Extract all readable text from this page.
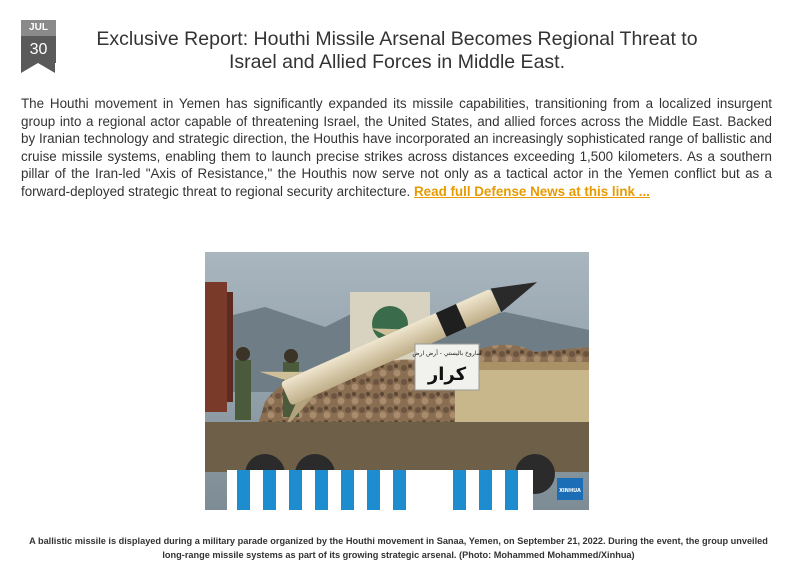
JUL
30	Exclusive Report: Houthi Missile Arsenal Becomes Regional Threat to
Israel and Allied Forces in Middle East.

The Houthi movement in Yemen has significantly expanded its missile capabilities, transitioning from a localized insurgent group into a regional actor capable of threatening Israel, the United States, and allied forces across the Middle East. Backed by Iranian technology and strategic direction, the Houthis have incorporated an increasingly sophisticated range of ballistic and cruise missile systems, enabling them to launch precise strikes across distances exceeding 1,500 kilometers. As a southern pillar of the Iran-led "Axis of Resistance," the Houthis now serve not only as a tactical actor in the Yemen conflict but as a forward-deployed strategic threat to regional security architecture. Read full Defense News at this link ...

صاروخ باليستي - أرض ارض
كرار
XINHUA

A ballistic missile is displayed during a military parade organized by the Houthi movement in Sanaa, Yemen, on September 21, 2022. During the event, the group unveiled long-range missile systems as part of its growing strategic arsenal. (Photo: Mohammed Mohammed/Xinhua)
